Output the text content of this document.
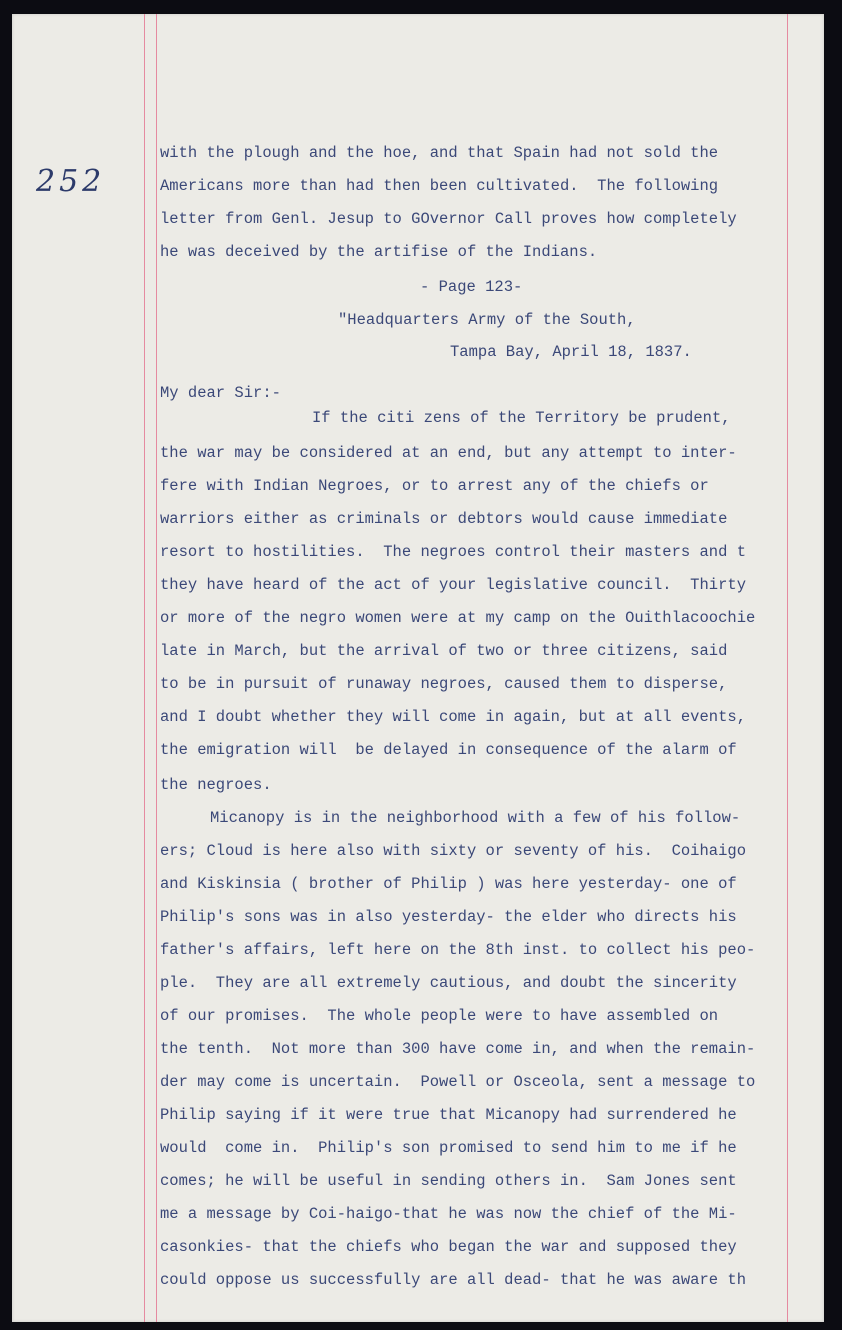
252
with the plough and the hoe, and that Spain had not sold the
Americans more than had then been cultivated.  The following
letter from Genl. Jesup to GOvernor Call proves how completely
he was deceived by the artifise of the Indians.
- Page 123-
"Headquarters Army of the South,
Tampa Bay, April 18, 1837.
My dear Sir:-
If the citi zens of the Territory be prudent,
the war may be considered at an end, but any attempt to inter-
fere with Indian Negroes, or to arrest any of the chiefs or
warriors either as criminals or debtors would cause immediate
resort to hostilities.  The negroes control their masters and t
they have heard of the act of your legislative council.  Thirty
or more of the negro women were at my camp on the Ouithlacoochie
late in March, but the arrival of two or three citizens, said
to be in pursuit of runaway negroes, caused them to disperse,
and I doubt whether they will come in again, but at all events,
the emigration will  be delayed in consequence of the alarm of
the negroes.
Micanopy is in the neighborhood with a few of his follow-
ers; Cloud is here also with sixty or seventy of his.  Coihaigo
and Kiskinsia ( brother of Philip ) was here yesterday- one of
Philip's sons was in also yesterday- the elder who directs his
father's affairs, left here on the 8th inst. to collect his peo-
ple.  They are all extremely cautious, and doubt the sincerity
of our promises.  The whole people were to have assembled on
the tenth.  Not more than 300 have come in, and when the remain-
der may come is uncertain.  Powell or Osceola, sent a message to
Philip saying if it were true that Micanopy had surrendered he
would  come in.  Philip's son promised to send him to me if he
comes; he will be useful in sending others in.  Sam Jones sent
me a message by Coi-haigo-that he was now the chief of the Mi-
casonkies- that the chiefs who began the war and supposed they
could oppose us successfully are all dead- that he was aware th
